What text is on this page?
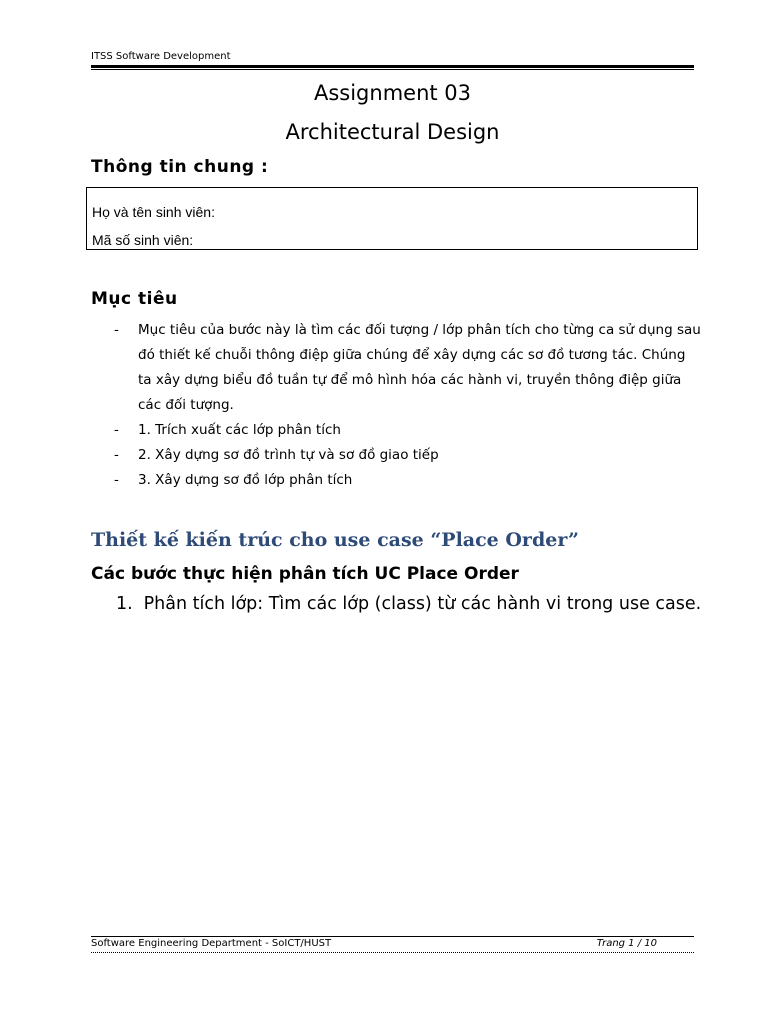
ITSS Software Development
Assignment 03
Architectural Design
Thông tin chung :
Họ và tên sinh viên:
Mã số sinh viên:
Mục tiêu
- Mục tiêu của bước này là tìm các đối tượng / lớp phân tích cho từng ca sử dụng sau đó thiết kế chuỗi thông điệp giữa chúng để xây dựng các sơ đồ tương tác. Chúng ta xây dựng biểu đồ tuần tự để mô hình hóa các hành vi, truyền thông điệp giữa các đối tượng.
- 1. Trích xuất các lớp phân tích
- 2. Xây dựng sơ đồ trình tự và sơ đồ giao tiếp
- 3. Xây dựng sơ đồ lớp phân tích
Thiết kế kiến trúc cho use case “Place Order”
Các bước thực hiện phân tích UC Place Order
1. Phân tích lớp: Tìm các lớp (class) từ các hành vi trong use case.
Software Engineering Department - SoICT/HUST	Trang 1 / 10
